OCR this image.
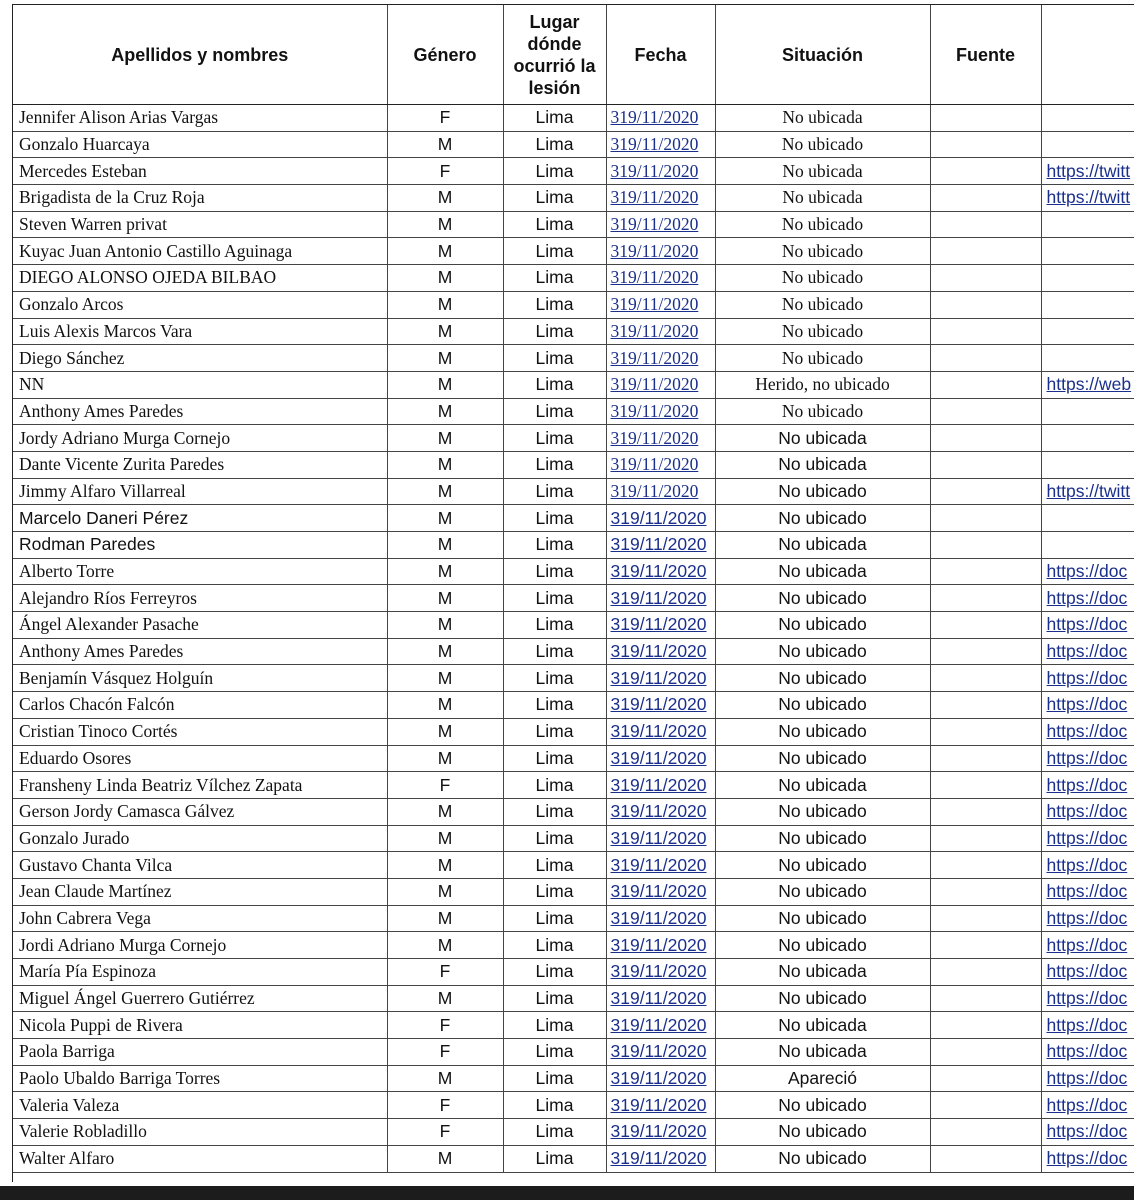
Apellidos y nombres	Género	Lugar dónde ocurrió la lesión	Fecha	Situación	Fuente	
Jennifer Alison Arias Vargas	F	Lima	319/11/2020	No ubicada		
Gonzalo Huarcaya	M	Lima	319/11/2020	No ubicado		
Mercedes Esteban	F	Lima	319/11/2020	No ubicada		https://twitt
Brigadista de la Cruz Roja	M	Lima	319/11/2020	No ubicada		https://twitt
Steven Warren privat	M	Lima	319/11/2020	No ubicado		
Kuyac Juan Antonio Castillo Aguinaga	M	Lima	319/11/2020	No ubicado		
DIEGO ALONSO OJEDA BILBAO	M	Lima	319/11/2020	No ubicado		
Gonzalo Arcos	M	Lima	319/11/2020	No ubicado		
Luis Alexis Marcos Vara	M	Lima	319/11/2020	No ubicado		
Diego Sánchez	M	Lima	319/11/2020	No ubicado		
NN	M	Lima	319/11/2020	Herido, no ubicado		https://web
Anthony Ames Paredes	M	Lima	319/11/2020	No ubicado		
Jordy Adriano Murga Cornejo	M	Lima	319/11/2020	No ubicada		
Dante Vicente Zurita Paredes	M	Lima	319/11/2020	No ubicada		
Jimmy Alfaro Villarreal	M	Lima	319/11/2020	No ubicado		https://twitt
Marcelo Daneri Pérez	M	Lima	319/11/2020	No ubicado		
Rodman Paredes	M	Lima	319/11/2020	No ubicada		
Alberto Torre	M	Lima	319/11/2020	No ubicada		https://doc
Alejandro Ríos Ferreyros	M	Lima	319/11/2020	No ubicado		https://doc
Ángel Alexander Pasache	M	Lima	319/11/2020	No ubicado		https://doc
Anthony Ames Paredes	M	Lima	319/11/2020	No ubicado		https://doc
Benjamín Vásquez Holguín	M	Lima	319/11/2020	No ubicado		https://doc
Carlos Chacón Falcón	M	Lima	319/11/2020	No ubicado		https://doc
Cristian Tinoco Cortés	M	Lima	319/11/2020	No ubicado		https://doc
Eduardo Osores	M	Lima	319/11/2020	No ubicado		https://doc
Fransheny Linda Beatriz Vílchez Zapata	F	Lima	319/11/2020	No ubicada		https://doc
Gerson Jordy Camasca Gálvez	M	Lima	319/11/2020	No ubicado		https://doc
Gonzalo Jurado	M	Lima	319/11/2020	No ubicado		https://doc
Gustavo Chanta Vilca	M	Lima	319/11/2020	No ubicado		https://doc
Jean Claude Martínez	M	Lima	319/11/2020	No ubicado		https://doc
John Cabrera Vega	M	Lima	319/11/2020	No ubicado		https://doc
Jordi Adriano Murga Cornejo	M	Lima	319/11/2020	No ubicado		https://doc
María Pía Espinoza	F	Lima	319/11/2020	No ubicada		https://doc
Miguel Ángel Guerrero Gutiérrez	M	Lima	319/11/2020	No ubicado		https://doc
Nicola Puppi de Rivera	F	Lima	319/11/2020	No ubicada		https://doc
Paola Barriga	F	Lima	319/11/2020	No ubicada		https://doc
Paolo Ubaldo Barriga Torres	M	Lima	319/11/2020	Apareció		https://doc
Valeria Valeza	F	Lima	319/11/2020	No ubicado		https://doc
Valerie Robladillo	F	Lima	319/11/2020	No ubicado		https://doc
Walter Alfaro	M	Lima	319/11/2020	No ubicado		https://doc
